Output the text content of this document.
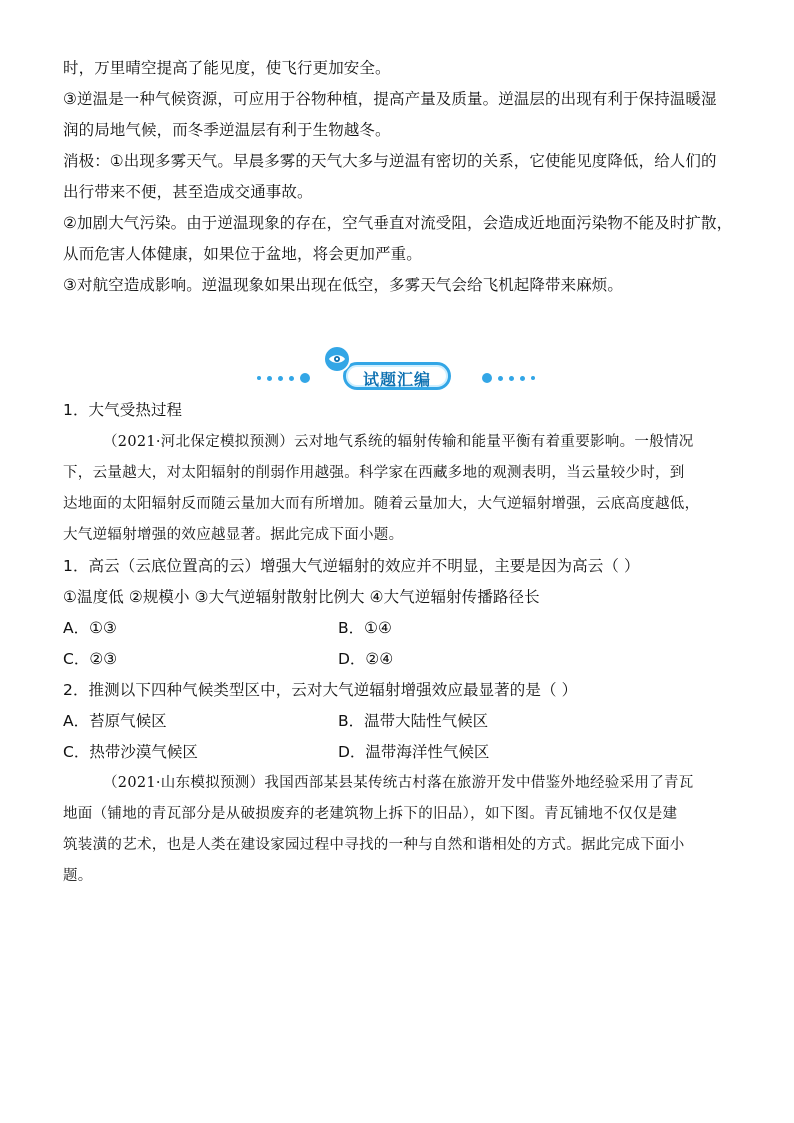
时，万里晴空提高了能见度，使飞行更加安全。
③逆温是一种气候资源，可应用于谷物种植，提高产量及质量。逆温层的出现有利于保持温暖湿
润的局地气候，而冬季逆温层有利于生物越冬。
消极：①出现多雾天气。早晨多雾的天气大多与逆温有密切的关系，它使能见度降低，给人们的
出行带来不便，甚至造成交通事故。
②加剧大气污染。由于逆温现象的存在，空气垂直对流受阻，会造成近地面污染物不能及时扩散，
从而危害人体健康，如果位于盆地，将会更加严重。
③对航空造成影响。逆温现象如果出现在低空，多雾天气会给飞机起降带来麻烦。
试题汇编
1．大气受热过程
（2021·河北保定模拟预测）云对地气系统的辐射传输和能量平衡有着重要影响。一般情况
下，云量越大，对太阳辐射的削弱作用越强。科学家在西藏多地的观测表明，当云量较少时，到
达地面的太阳辐射反而随云量加大而有所增加。随着云量加大，大气逆辐射增强，云底高度越低，
大气逆辐射增强的效应越显著。据此完成下面小题。
1．高云（云底位置高的云）增强大气逆辐射的效应并不明显，主要是因为高云（ ）
①温度低 ②规模小 ③大气逆辐射散射比例大 ④大气逆辐射传播路径长
A．①③	B．①④
C．②③	D．②④
2．推测以下四种气候类型区中，云对大气逆辐射增强效应最显著的是（ ）
A．苔原气候区	B．温带大陆性气候区
C．热带沙漠气候区	D．温带海洋性气候区
（2021·山东模拟预测）我国西部某县某传统古村落在旅游开发中借鉴外地经验采用了青瓦
地面（铺地的青瓦部分是从破损废弃的老建筑物上拆下的旧品），如下图。青瓦铺地不仅仅是建
筑装潢的艺术，也是人类在建设家园过程中寻找的一种与自然和谐相处的方式。据此完成下面小
题。
